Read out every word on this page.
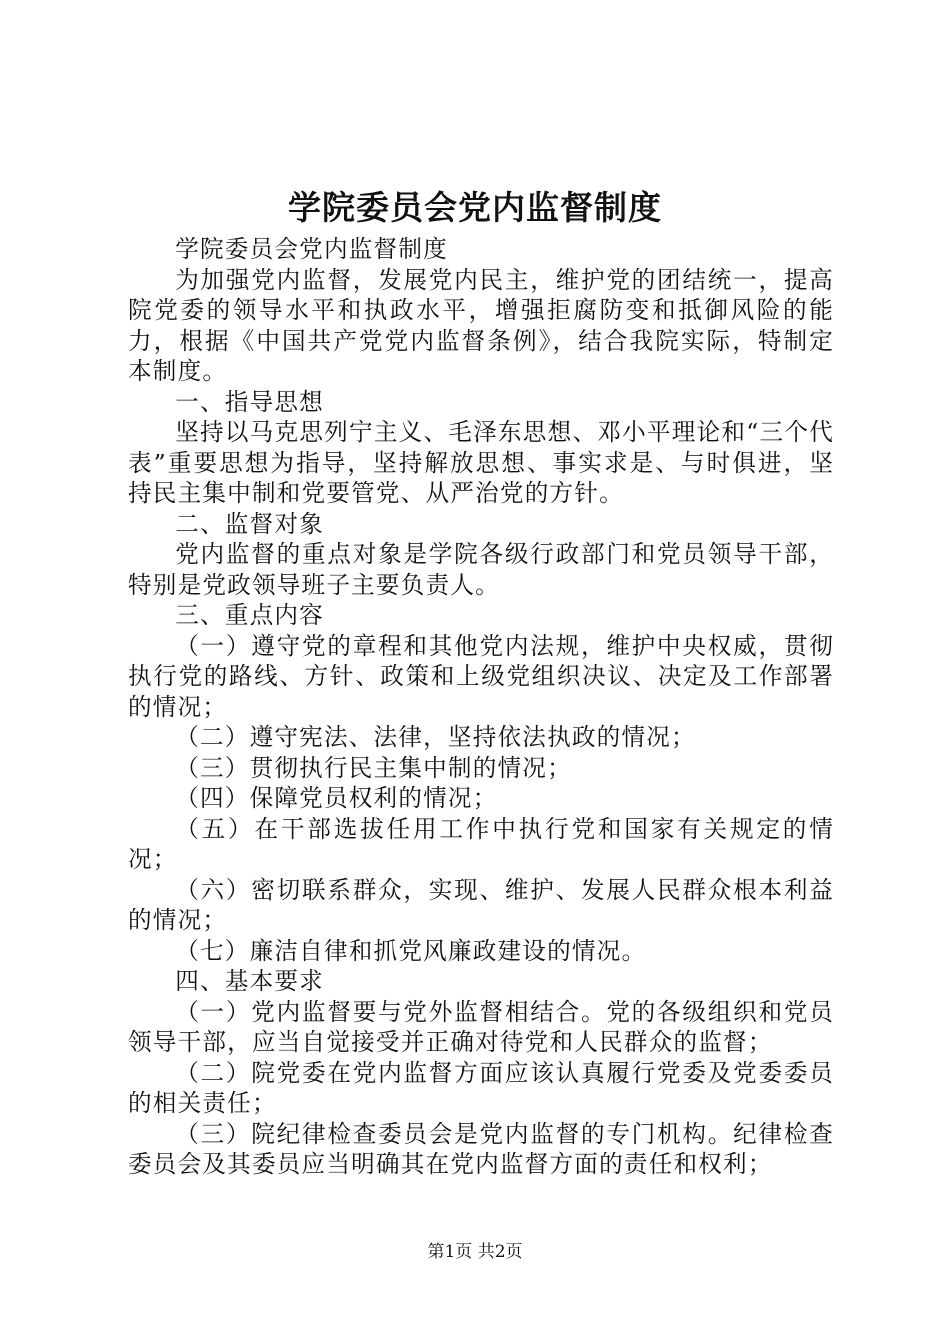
学院委员会党内监督制度

学院委员会党内监督制度

为加强党内监督，发展党内民主，维护党的团结统一，提高院党委的领导水平和执政水平，增强拒腐防变和抵御风险的能力，根据《中国共产党党内监督条例》，结合我院实际，特制定本制度。

一、指导思想

坚持以马克思列宁主义、毛泽东思想、邓小平理论和“三个代表”重要思想为指导，坚持解放思想、事实求是、与时俱进，坚持民主集中制和党要管党、从严治党的方针。

二、监督对象

党内监督的重点对象是学院各级行政部门和党员领导干部，特别是党政领导班子主要负责人。

三、重点内容

（一）遵守党的章程和其他党内法规，维护中央权威，贯彻执行党的路线、方针、政策和上级党组织决议、决定及工作部署的情况；

（二）遵守宪法、法律，坚持依法执政的情况；

（三）贯彻执行民主集中制的情况；

（四）保障党员权利的情况；

（五）在干部选拔任用工作中执行党和国家有关规定的情况；

（六）密切联系群众，实现、维护、发展人民群众根本利益的情况；

（七）廉洁自律和抓党风廉政建设的情况。

四、基本要求

（一）党内监督要与党外监督相结合。党的各级组织和党员领导干部，应当自觉接受并正确对待党和人民群众的监督；

（二）院党委在党内监督方面应该认真履行党委及党委委员的相关责任；

（三）院纪律检查委员会是党内监督的专门机构。纪律检查委员会及其委员应当明确其在党内监督方面的责任和权利；

第1页 共2页
